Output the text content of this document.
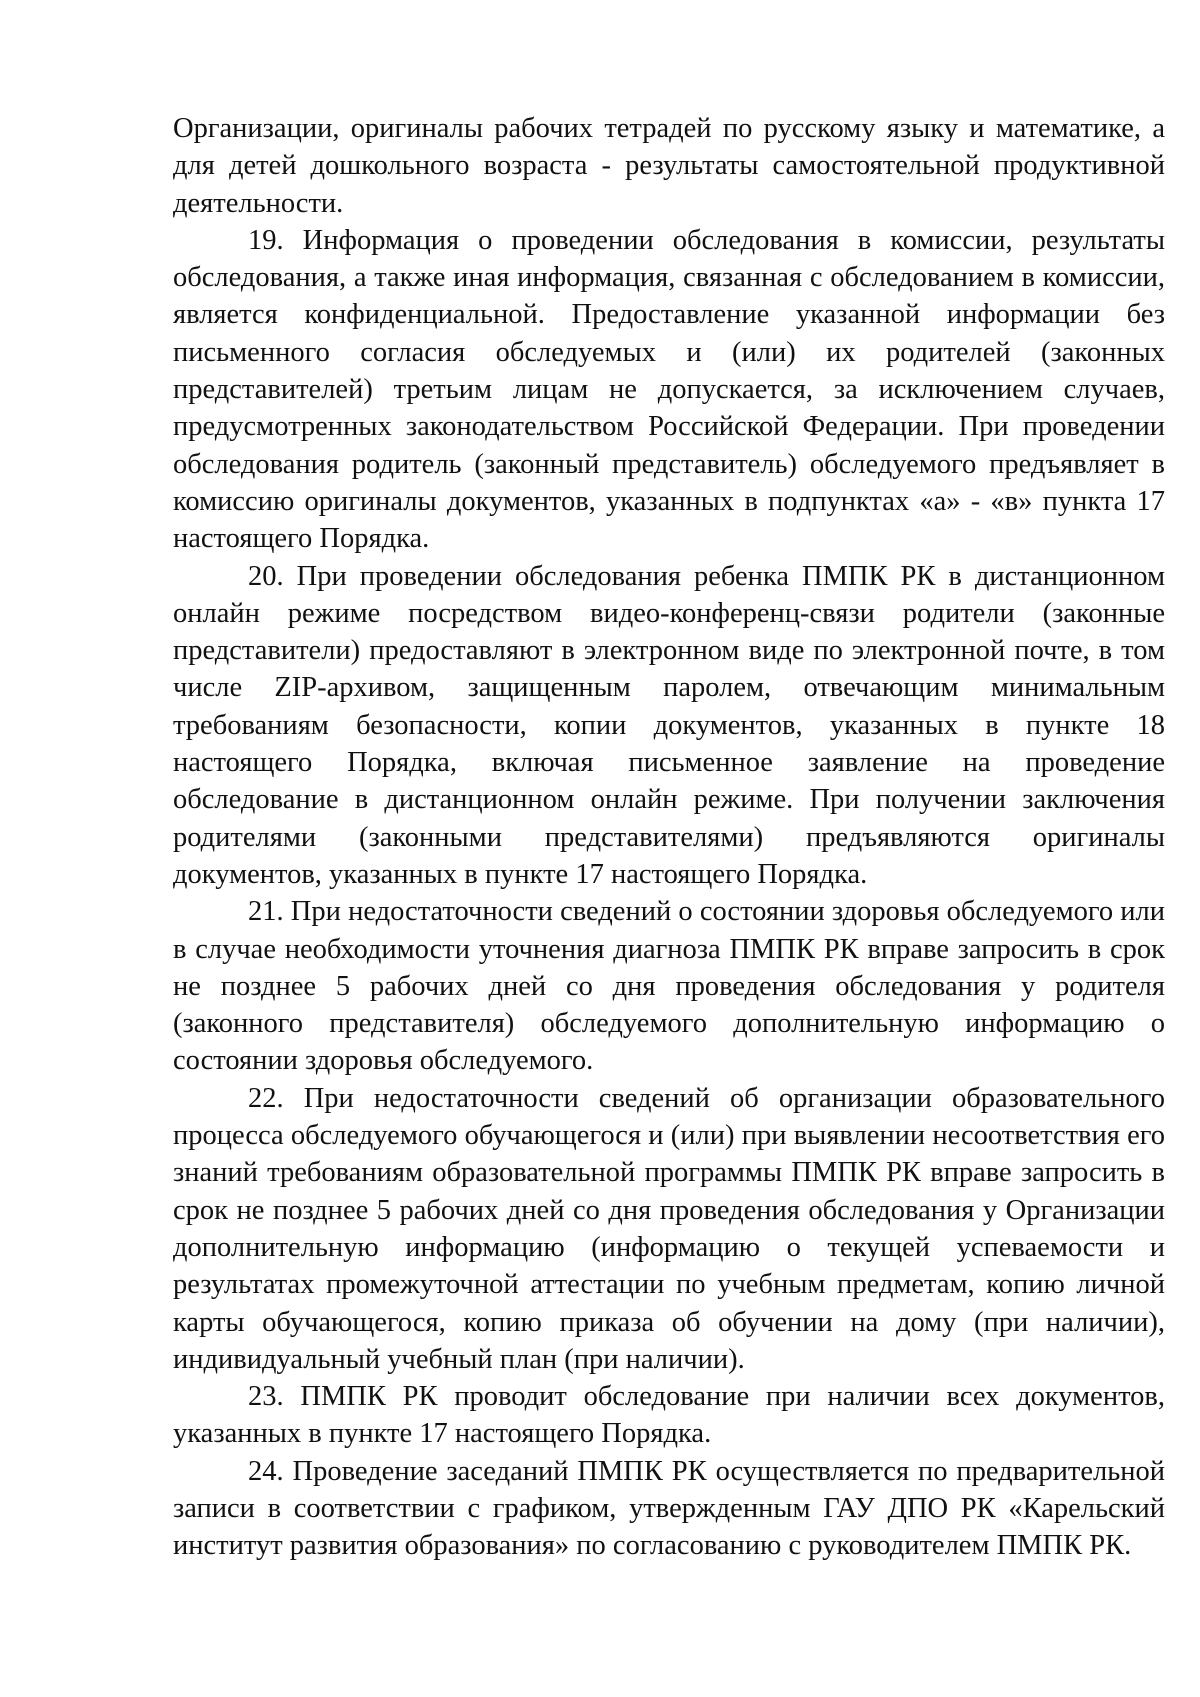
Организации, оригиналы рабочих тетрадей по русскому языку и математике, а для детей дошкольного возраста - результаты самостоятельной продуктивной деятельности.

19. Информация о проведении обследования в комиссии, результаты обследования, а также иная информация, связанная с обследованием в комиссии, является конфиденциальной. Предоставление указанной информации без письменного согласия обследуемых и (или) их родителей (законных представителей) третьим лицам не допускается, за исключением случаев, предусмотренных законодательством Российской Федерации. При проведении обследования родитель (законный представитель) обследуемого предъявляет в комиссию оригиналы документов, указанных в подпунктах «а» - «в» пункта 17 настоящего Порядка.

20. При проведении обследования ребенка ПМПК РК в дистанционном онлайн режиме посредством видео-конференц-связи родители (законные представители) предоставляют в электронном виде по электронной почте, в том числе ZIP-архивом, защищенным паролем, отвечающим минимальным требованиям безопасности, копии документов, указанных в пункте 18 настоящего Порядка, включая письменное заявление на проведение обследование в дистанционном онлайн режиме. При получении заключения родителями (законными представителями) предъявляются оригиналы документов, указанных в пункте 17 настоящего Порядка.

21. При недостаточности сведений о состоянии здоровья обследуемого или в случае необходимости уточнения диагноза ПМПК РК вправе запросить в срок не позднее 5 рабочих дней со дня проведения обследования у родителя (законного представителя) обследуемого дополнительную информацию о состоянии здоровья обследуемого.

22. При недостаточности сведений об организации образовательного процесса обследуемого обучающегося и (или) при выявлении несоответствия его знаний требованиям образовательной программы ПМПК РК вправе запросить в срок не позднее 5 рабочих дней со дня проведения обследования у Организации дополнительную информацию (информацию о текущей успеваемости и результатах промежуточной аттестации по учебным предметам, копию личной карты обучающегося, копию приказа об обучении на дому (при наличии), индивидуальный учебный план (при наличии).

23. ПМПК РК проводит обследование при наличии всех документов, указанных в пункте 17 настоящего Порядка.

24. Проведение заседаний ПМПК РК осуществляется по предварительной записи в соответствии с графиком, утвержденным ГАУ ДПО РК «Карельский институт развития образования» по согласованию с руководителем ПМПК РК.
